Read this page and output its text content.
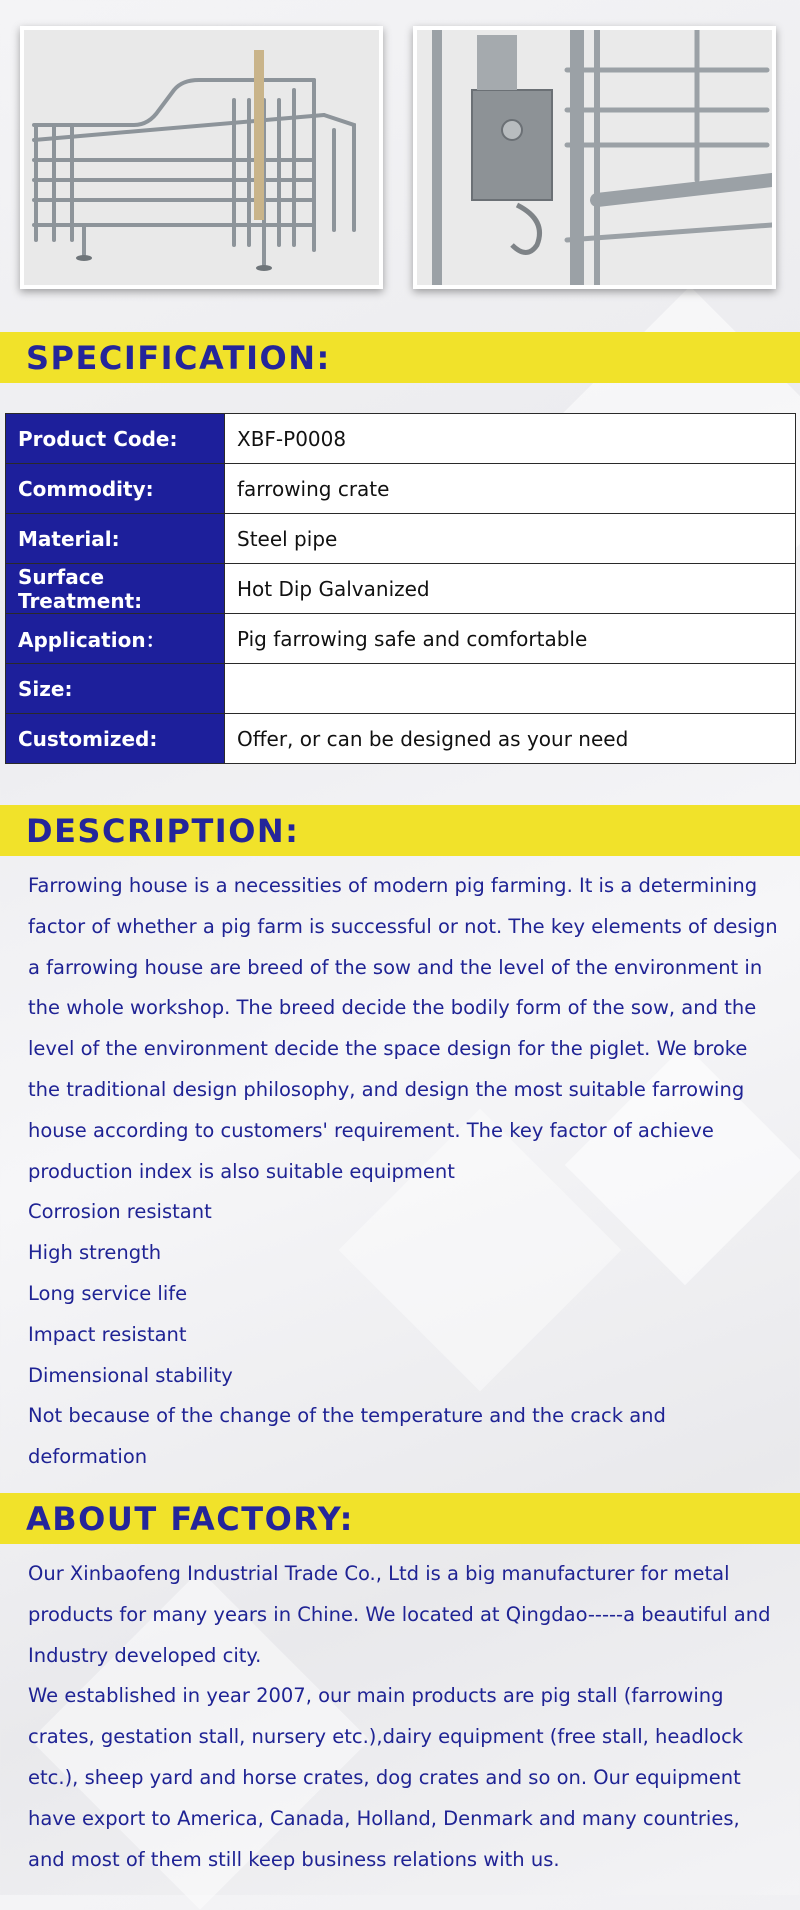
SPECIFICATION:
Product Code:	XBF-P0008
Commodity:	farrowing crate
Material:	Steel pipe
Surface Treatment:	Hot Dip Galvanized
Application：	Pig farrowing safe and comfortable
Size:	
Customized:	Offer, or can be designed as your need
DESCRIPTION:
Farrowing house is a necessities of modern pig farming. It is a determining
factor of whether a pig farm is successful or not. The key elements of design
a farrowing house are breed of the sow and the level of the environment in
the whole workshop. The breed decide the bodily form of the sow, and the
level of the environment decide the space design for the piglet. We broke
the traditional design philosophy, and design the most suitable farrowing
house according to customers' requirement. The key factor of achieve
production index is also suitable equipment
Corrosion resistant
High strength
Long service life
Impact resistant
Dimensional stability
Not because of the change of the temperature and the crack and
deformation
ABOUT FACTORY:
Our Xinbaofeng Industrial Trade Co., Ltd is a big manufacturer for metal
products for many years in Chine. We located at Qingdao-----a beautiful and
Industry developed city.
We established in year 2007, our main products are pig stall (farrowing
crates, gestation stall, nursery etc.),dairy equipment (free stall, headlock
etc.), sheep yard and horse crates, dog crates and so on. Our equipment
have export to America, Canada, Holland, Denmark and many countries,
and most of them still keep business relations with us.
